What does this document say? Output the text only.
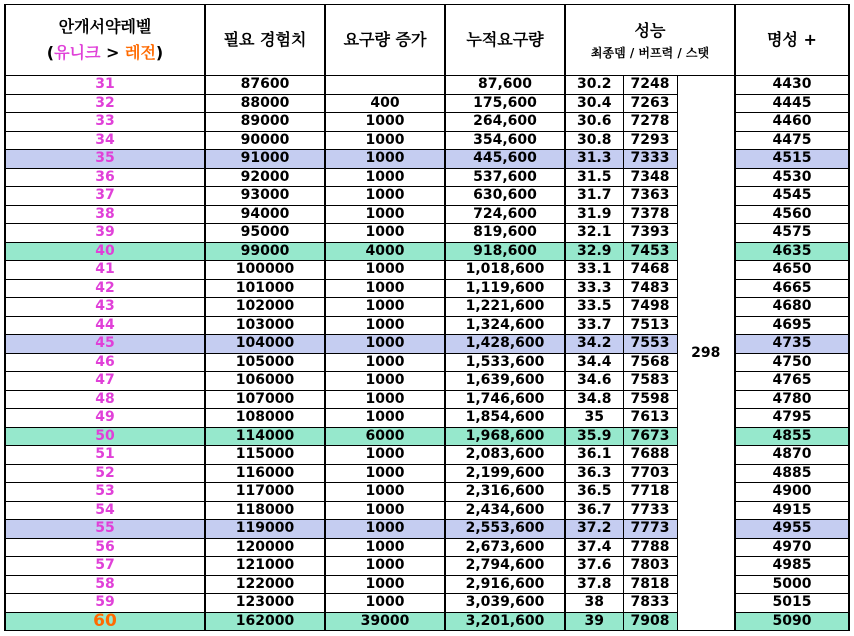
안개서약레벨
(유니크 > 레전)	필요 경험치	요구량 증가	누적요구량	성능
최종뎀 / 버프력 / 스탯			명성 +
31	87600		87,600	30.2	7248	298	4430
32	88000	400	175,600	30.4	7263		4445
33	89000	1000	264,600	30.6	7278		4460
34	90000	1000	354,600	30.8	7293		4475
35	91000	1000	445,600	31.3	7333		4515
36	92000	1000	537,600	31.5	7348		4530
37	93000	1000	630,600	31.7	7363		4545
38	94000	1000	724,600	31.9	7378		4560
39	95000	1000	819,600	32.1	7393		4575
40	99000	4000	918,600	32.9	7453		4635
41	100000	1000	1,018,600	33.1	7468		4650
42	101000	1000	1,119,600	33.3	7483		4665
43	102000	1000	1,221,600	33.5	7498		4680
44	103000	1000	1,324,600	33.7	7513		4695
45	104000	1000	1,428,600	34.2	7553		4735
46	105000	1000	1,533,600	34.4	7568		4750
47	106000	1000	1,639,600	34.6	7583		4765
48	107000	1000	1,746,600	34.8	7598		4780
49	108000	1000	1,854,600	35	7613		4795
50	114000	6000	1,968,600	35.9	7673		4855
51	115000	1000	2,083,600	36.1	7688		4870
52	116000	1000	2,199,600	36.3	7703		4885
53	117000	1000	2,316,600	36.5	7718		4900
54	118000	1000	2,434,600	36.7	7733		4915
55	119000	1000	2,553,600	37.2	7773		4955
56	120000	1000	2,673,600	37.4	7788		4970
57	121000	1000	2,794,600	37.6	7803		4985
58	122000	1000	2,916,600	37.8	7818		5000
59	123000	1000	3,039,600	38	7833		5015
60	162000	39000	3,201,600	39	7908		5090
